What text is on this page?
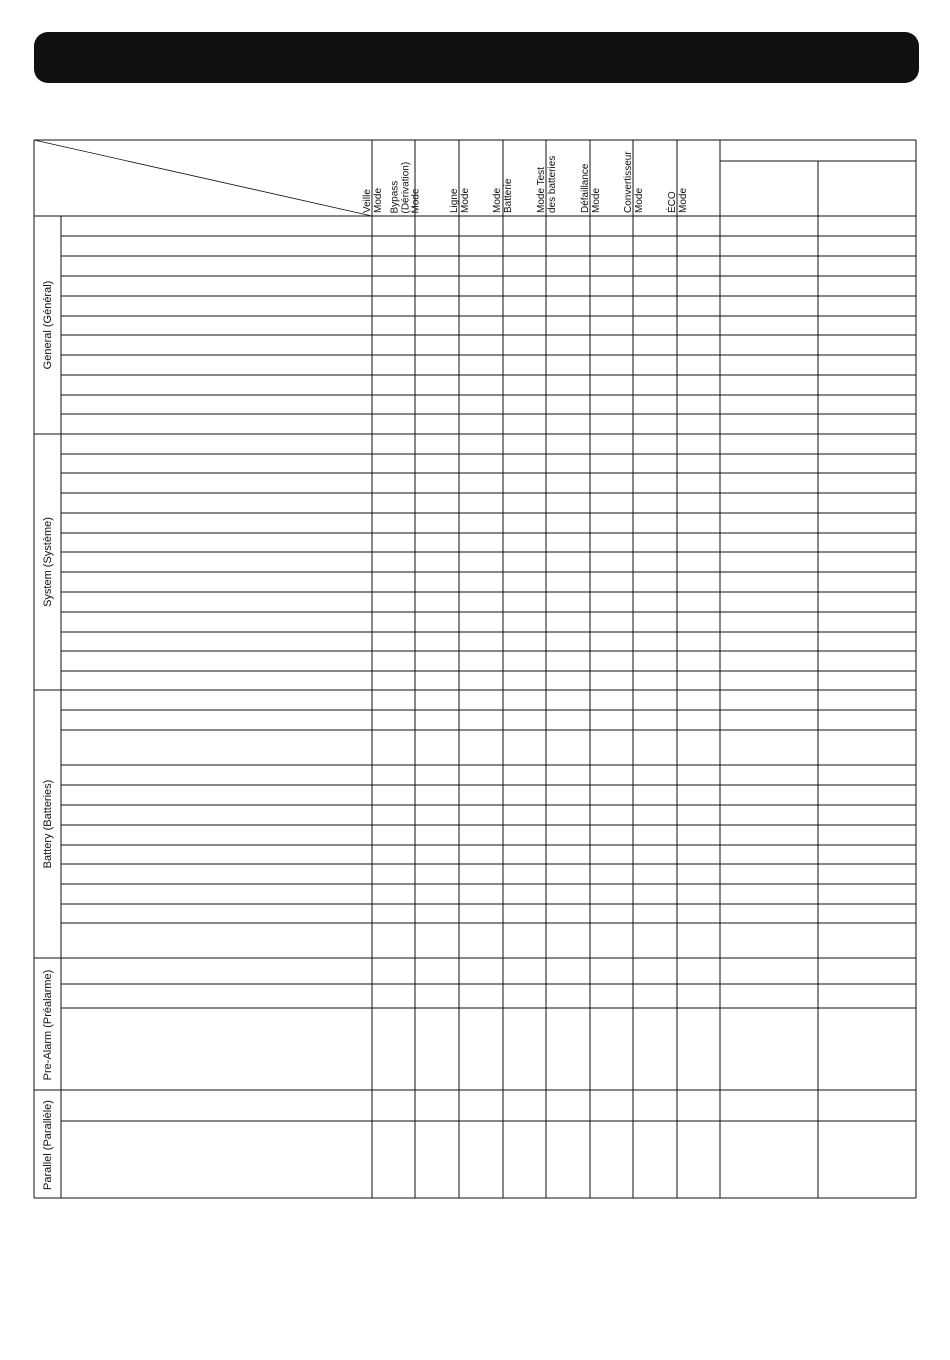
Veille Mode Bypass (Dérivation) Mode	Ligne Mode Mode Batterie Mode Test des batteries Défaillance Mode Convertisseur Mode ÉCO Mode
General (Général)
System (Système)
Battery (Batteries)
Pre-Alarm (Préalarme)
Parallel (Parallèle)
